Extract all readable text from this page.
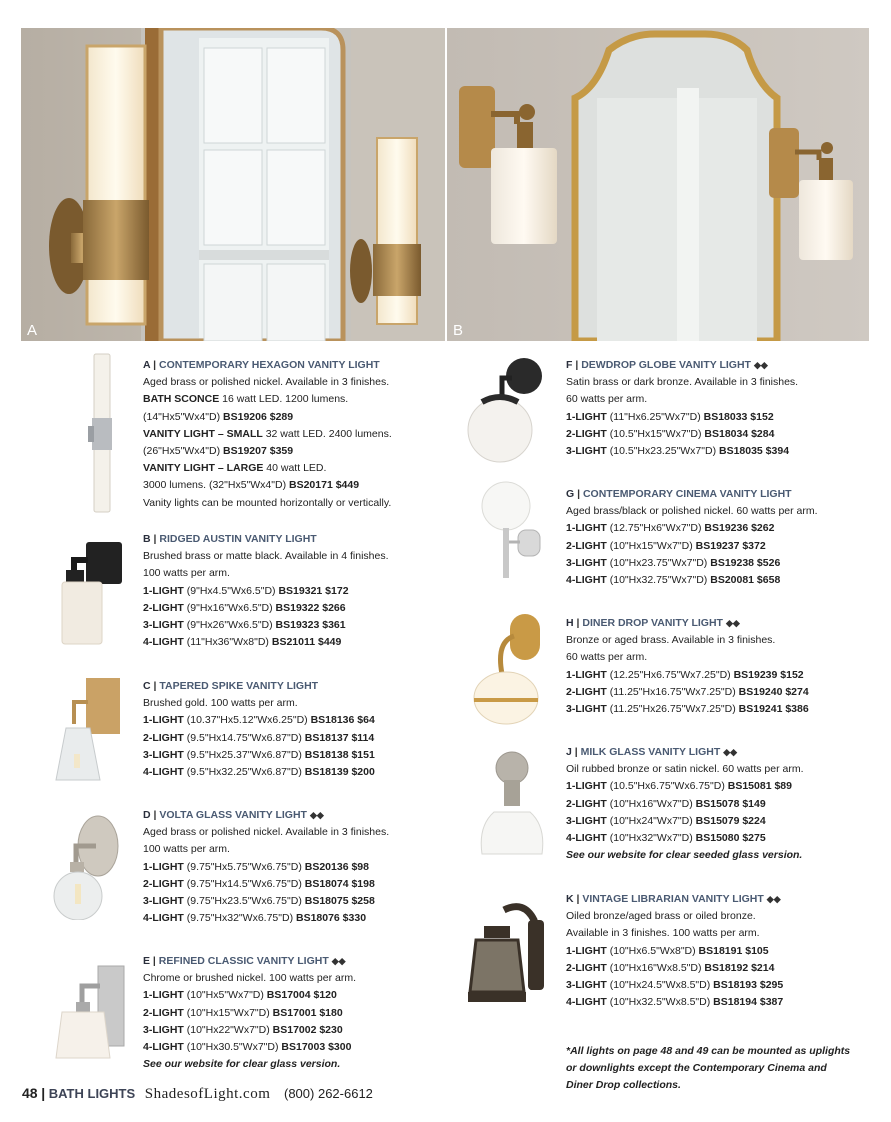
A	B
A | CONTEMPORARY HEXAGON VANITY LIGHT
Aged brass or polished nickel. Available in 3 finishes.
BATH SCONCE 16 watt LED. 1200 lumens.
(14"Hx5"Wx4"D) BS19206 $289
VANITY LIGHT – SMALL 32 watt LED. 2400 lumens.
(26"Hx5"Wx4"D) BS19207 $359
VANITY LIGHT – LARGE 40 watt LED.
3000 lumens. (32"Hx5"Wx4"D) BS20171 $449
Vanity lights can be mounted horizontally or vertically.
B | RIDGED AUSTIN VANITY LIGHT
Brushed brass or matte black. Available in 4 finishes.
100 watts per arm.
1-LIGHT (9"Hx4.5"Wx6.5"D) BS19321 $172
2-LIGHT (9"Hx16"Wx6.5"D) BS19322 $266
3-LIGHT (9"Hx26"Wx6.5"D) BS19323 $361
4-LIGHT (11"Hx36"Wx8"D) BS21011 $449
C | TAPERED SPIKE VANITY LIGHT
Brushed gold. 100 watts per arm.
1-LIGHT (10.37"Hx5.12"Wx6.25"D) BS18136 $64
2-LIGHT (9.5"Hx14.75"Wx6.87"D) BS18137 $114
3-LIGHT (9.5"Hx25.37"Wx6.87"D) BS18138 $151
4-LIGHT (9.5"Hx32.25"Wx6.87"D) BS18139 $200
D | VOLTA GLASS VANITY LIGHT ◆◆
Aged brass or polished nickel. Available in 3 finishes.
100 watts per arm.
1-LIGHT (9.75"Hx5.75"Wx6.75"D) BS20136 $98
2-LIGHT (9.75"Hx14.5"Wx6.75"D) BS18074 $198
3-LIGHT (9.75"Hx23.5"Wx6.75"D) BS18075 $258
4-LIGHT (9.75"Hx32"Wx6.75"D) BS18076 $330
E | REFINED CLASSIC VANITY LIGHT ◆◆
Chrome or brushed nickel. 100 watts per arm.
1-LIGHT (10"Hx5"Wx7"D) BS17004 $120
2-LIGHT (10"Hx15"Wx7"D) BS17001 $180
3-LIGHT (10"Hx22"Wx7"D) BS17002 $230
4-LIGHT (10"Hx30.5"Wx7"D) BS17003 $300
See our website for clear glass version.
F | DEWDROP GLOBE VANITY LIGHT ◆◆
Satin brass or dark bronze. Available in 3 finishes.
60 watts per arm.
1-LIGHT (11"Hx6.25"Wx7"D) BS18033 $152
2-LIGHT (10.5"Hx15"Wx7"D) BS18034 $284
3-LIGHT (10.5"Hx23.25"Wx7"D) BS18035 $394
G | CONTEMPORARY CINEMA VANITY LIGHT
Aged brass/black or polished nickel. 60 watts per arm.
1-LIGHT (12.75"Hx6"Wx7"D) BS19236 $262
2-LIGHT (10"Hx15"Wx7"D) BS19237 $372
3-LIGHT (10"Hx23.75"Wx7"D) BS19238 $526
4-LIGHT (10"Hx32.75"Wx7"D) BS20081 $658
H | DINER DROP VANITY LIGHT ◆◆
Bronze or aged brass. Available in 3 finishes.
60 watts per arm.
1-LIGHT (12.25"Hx6.75"Wx7.25"D) BS19239 $152
2-LIGHT (11.25"Hx16.75"Wx7.25"D) BS19240 $274
3-LIGHT (11.25"Hx26.75"Wx7.25"D) BS19241 $386
J | MILK GLASS VANITY LIGHT ◆◆
Oil rubbed bronze or satin nickel. 60 watts per arm.
1-LIGHT (10.5"Hx6.75"Wx6.75"D) BS15081 $89
2-LIGHT (10"Hx16"Wx7"D) BS15078 $149
3-LIGHT (10"Hx24"Wx7"D) BS15079 $224
4-LIGHT (10"Hx32"Wx7"D) BS15080 $275
See our website for clear seeded glass version.
K | VINTAGE LIBRARIAN VANITY LIGHT ◆◆
Oiled bronze/aged brass or oiled bronze.
Available in 3 finishes. 100 watts per arm.
1-LIGHT (10"Hx6.5"Wx8"D) BS18191 $105
2-LIGHT (10"Hx16"Wx8.5"D) BS18192 $214
3-LIGHT (10"Hx24.5"Wx8.5"D) BS18193 $295
4-LIGHT (10"Hx32.5"Wx8.5"D) BS18194 $387
*All lights on page 48 and 49 can be mounted as uplights or downlights except the Contemporary Cinema and Diner Drop collections.
48 | BATH LIGHTS ShadesofLight.com (800) 262-6612
